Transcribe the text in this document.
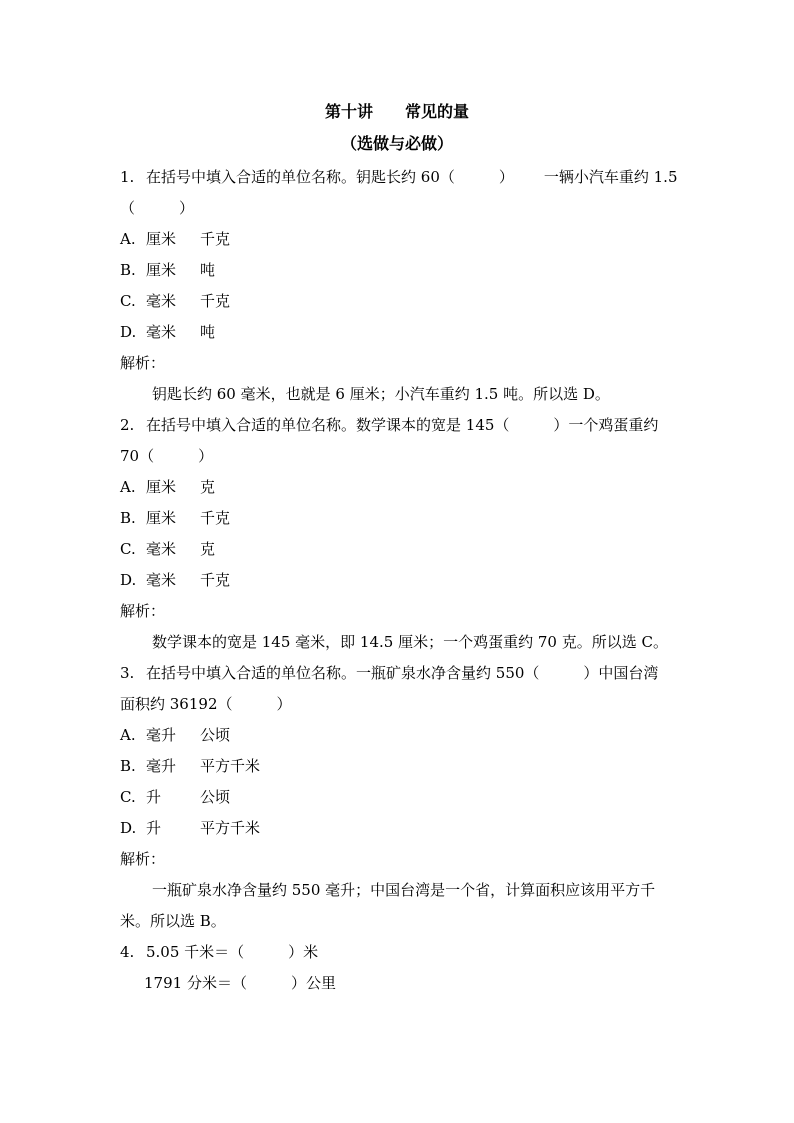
第十讲 常见的量
（选做与必做）
1. 在括号中填入合适的单位名称。钥匙长约 60（	） 一辆小汽车重约 1.5
（	）
A. 厘米 千克
B. 厘米 吨
C. 毫米 千克
D. 毫米 吨
解析：
钥匙长约 60 毫米，也就是 6 厘米；小汽车重约 1.5 吨。所以选 D。
2. 在括号中填入合适的单位名称。数学课本的宽是 145（	）一个鸡蛋重约
70（	）
A. 厘米 克
B. 厘米 千克
C. 毫米 克
D. 毫米 千克
解析：
数学课本的宽是 145 毫米，即 14.5 厘米；一个鸡蛋重约 70 克。所以选 C。
3. 在括号中填入合适的单位名称。一瓶矿泉水净含量约 550（	）中国台湾
面积约 36192（	）
A. 毫升 公顷
B. 毫升 平方千米
C. 升	公顷
D. 升	平方千米
解析：
一瓶矿泉水净含量约 550 毫升；中国台湾是一个省，计算面积应该用平方千
米。所以选 B。
4. 5.05 千米＝（	）米
1791 分米＝（	）公里
